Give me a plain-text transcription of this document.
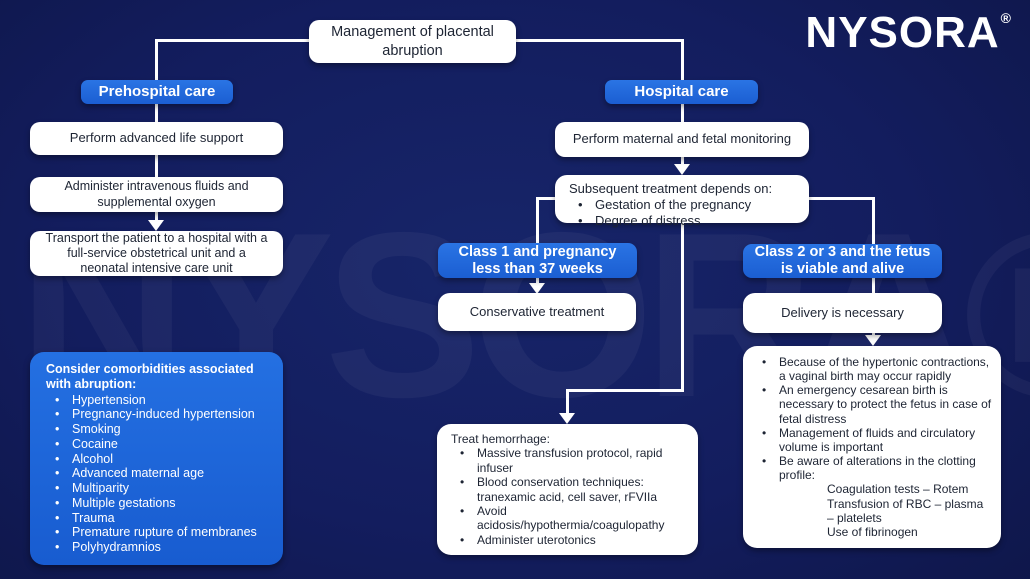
Management of placental abruption	NYSORA ®
Prehospital care
Perform advanced life support
Administer intravenous fluids and supplemental oxygen
Transport the patient to a hospital with a full-service obstetrical unit and a neonatal intensive care unit
Consider comorbidities associated with abruption:
• Hypertension
• Pregnancy-induced hypertension
• Smoking
• Cocaine
• Alcohol
• Advanced maternal age
• Multiparity
• Multiple gestations
• Trauma
• Premature rupture of membranes
• Polyhydramnios
Hospital care
Perform maternal and fetal monitoring
Subsequent treatment depends on:
• Gestation of the pregnancy
• Degree of distress
Class 1 and pregnancy less than 37 weeks
Conservative treatment
Class 2 or 3 and the fetus is viable and alive
Delivery is necessary
Treat hemorrhage:
• Massive transfusion protocol, rapid infuser
• Blood conservation techniques: tranexamic acid, cell saver, rFVIIa
• Avoid acidosis/hypothermia/coagulopathy
• Administer uterotonics
• Because of the hypertonic contractions, a vaginal birth may occur rapidly
• An emergency cesarean birth is necessary to protect the fetus in case of fetal distress
• Management of fluids and circulatory volume is important
• Be aware of alterations in the clotting profile:
Coagulation tests – Rotem
Transfusion of RBC – plasma – platelets
Use of fibrinogen
